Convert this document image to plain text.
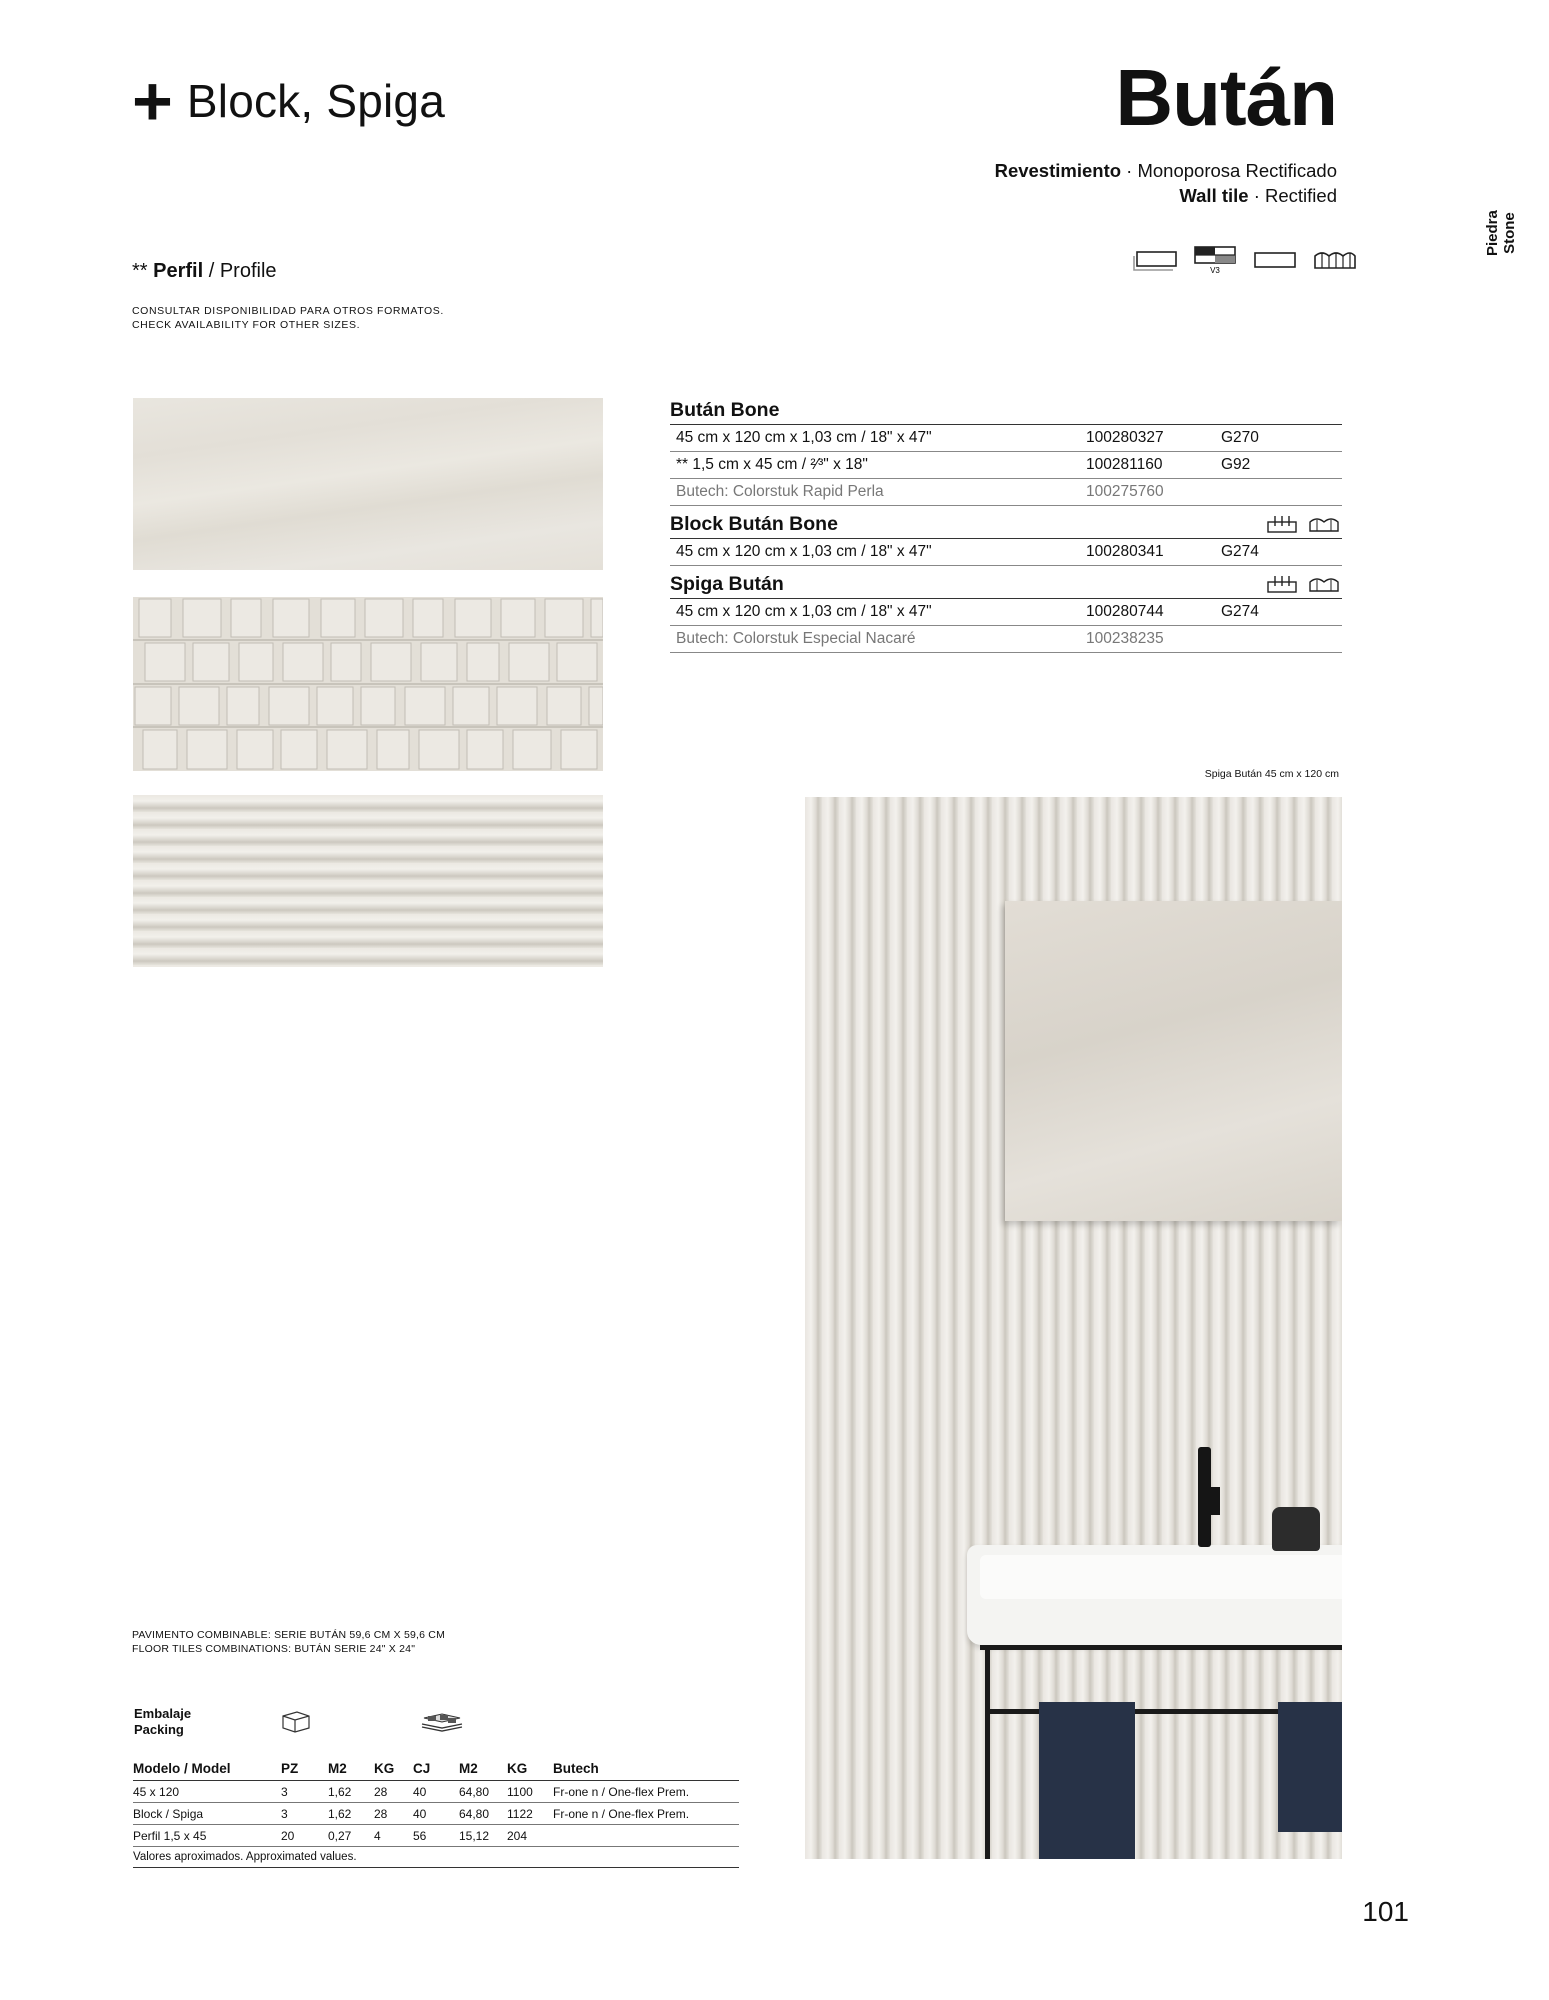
+ Block, Spiga	Bután
Revestimiento · Monoporosa Rectificado
Wall tile · Rectified
Piedra Stone
V3
** Perfil / Profile
CONSULTAR DISPONIBILIDAD PARA OTROS FORMATOS.
CHECK AVAILABILITY FOR OTHER SIZES.
Bután Bone
45 cm x 120 cm x 1,03 cm / 18" x 47"	100280327	G270
** 1,5 cm x 45 cm / ²⁄³" x 18"	100281160	G92
Butech: Colorstuk Rapid Perla	100275760
Block Bután Bone
45 cm x 120 cm x 1,03 cm / 18" x 47"	100280341	G274
Spiga Bután
45 cm x 120 cm x 1,03 cm / 18" x 47"	100280744	G274
Butech: Colorstuk Especial Nacaré	100238235
Spiga Bután 45 cm x 120 cm
PAVIMENTO COMBINABLE: SERIE BUTÁN 59,6 CM X 59,6 CM
FLOOR TILES COMBINATIONS: BUTÁN SERIE 24" X 24"
Embalaje
Packing
Modelo / Model	PZ	M2	KG	CJ	M2	KG	Butech
45 x 120	3	1,62	28	40	64,80	1100	Fr-one n / One-flex Prem.
Block / Spiga	3	1,62	28	40	64,80	1122	Fr-one n / One-flex Prem.
Perfil 1,5 x 45	20	0,27	4	56	15,12	204
Valores aproximados. Approximated values.
101
